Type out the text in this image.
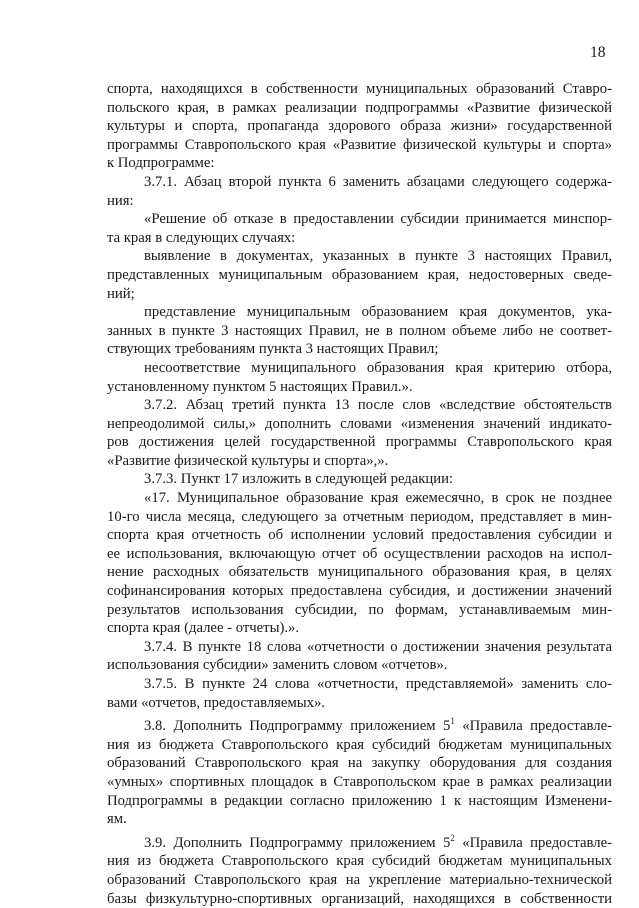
18
спорта, находящихся в собственности муниципальных образований Ставро-
польского края, в рамках реализации подпрограммы «Развитие физической
культуры и спорта, пропаганда здорового образа жизни» государственной
программы Ставропольского края «Развитие физической культуры и спорта»
к Подпрограмме:
3.7.1. Абзац второй пункта 6 заменить абзацами следующего содержа-
ния:
«Решение об отказе в предоставлении субсидии принимается минспор-
та края в следующих случаях:
выявление в документах, указанных в пункте 3 настоящих Правил,
представленных муниципальным образованием края, недостоверных сведе-
ний;
представление муниципальным образованием края документов, ука-
занных в пункте 3 настоящих Правил, не в полном объеме либо не соответ-
ствующих требованиям пункта 3 настоящих Правил;
несоответствие муниципального образования края критерию отбора,
установленному пунктом 5 настоящих Правил.».
3.7.2. Абзац третий пункта 13 после слов «вследствие обстоятельств
непреодолимой силы,» дополнить словами «изменения значений индикато-
ров достижения целей государственной программы Ставропольского края
«Развитие физической культуры и спорта»,».
3.7.3. Пункт 17 изложить в следующей редакции:
«17. Муниципальное образование края ежемесячно, в срок не позднее
10-го числа месяца, следующего за отчетным периодом, представляет в мин-
спорта края отчетность об исполнении условий предоставления субсидии и
ее использования, включающую отчет об осуществлении расходов на испол-
нение расходных обязательств муниципального образования края, в целях
софинансирования которых предоставлена субсидия, и достижении значений
результатов использования субсидии, по формам, устанавливаемым мин-
спорта края (далее - отчеты).».
3.7.4. В пункте 18 слова «отчетности о достижении значения результата
использования субсидии» заменить словом «отчетов».
3.7.5. В пункте 24 слова «отчетности, представляемой» заменить сло-
вами «отчетов, предоставляемых».
3.8. Дополнить Подпрограмму приложением $5^1$ «Правила предоставле-
ния из бюджета Ставропольского края субсидий бюджетам муниципальных
образований Ставропольского края на закупку оборудования для создания
«умных» спортивных площадок в Ставропольском крае в рамках реализации
Подпрограммы в редакции согласно приложению 1 к настоящим Изменени-
ям.
3.9. Дополнить Подпрограмму приложением $5^2$ «Правила предоставле-
ния из бюджета Ставропольского края субсидий бюджетам муниципальных
образований Ставропольского края на укрепление материально-технической
базы физкультурно-спортивных организаций, находящихся в собственности
